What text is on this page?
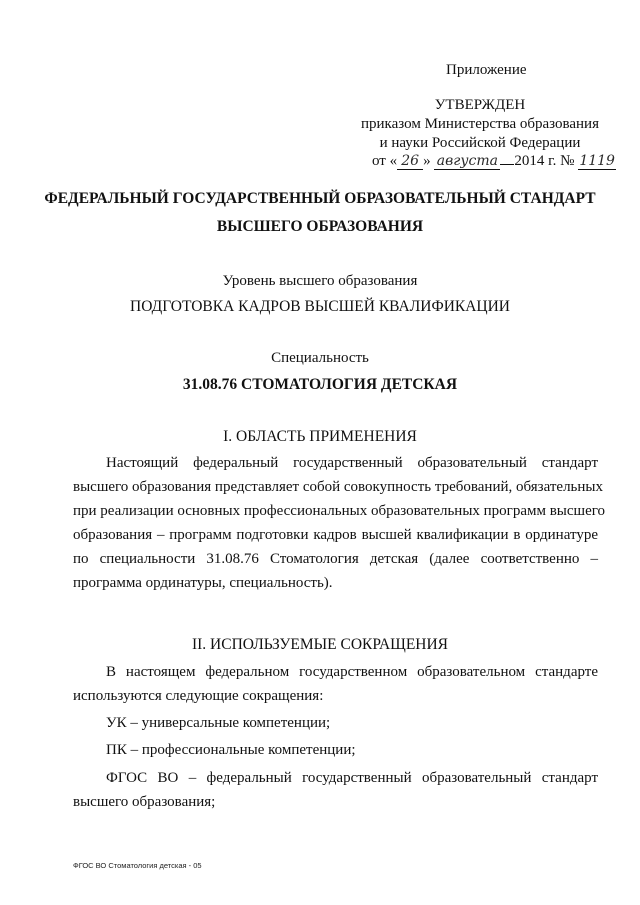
Приложение
УТВЕРЖДЕН
приказом Министерства образования
и науки Российской Федерации
от « 26 » августа 2014 г. № 1119
ФЕДЕРАЛЬНЫЙ ГОСУДАРСТВЕННЫЙ ОБРАЗОВАТЕЛЬНЫЙ СТАНДАРТ
ВЫСШЕГО ОБРАЗОВАНИЯ
Уровень высшего образования
ПОДГОТОВКА КАДРОВ ВЫСШЕЙ КВАЛИФИКАЦИИ
Специальность
31.08.76 СТОМАТОЛОГИЯ ДЕТСКАЯ
I. ОБЛАСТЬ ПРИМЕНЕНИЯ
Настоящий федеральный государственный образовательный стандарт
высшего образования представляет собой совокупность требований, обязательных
при реализации основных профессиональных образовательных программ высшего
образования – программ подготовки кадров высшей квалификации в ординатуре
по специальности 31.08.76 Стоматология детская (далее соответственно –
программа ординатуры, специальность).
II. ИСПОЛЬЗУЕМЫЕ СОКРАЩЕНИЯ
В настоящем федеральном государственном образовательном стандарте
используются следующие сокращения:
УК – универсальные компетенции;
ПК – профессиональные компетенции;
ФГОС ВО – федеральный государственный образовательный стандарт
высшего образования;
ФГОС ВО Стоматология детская - 05
